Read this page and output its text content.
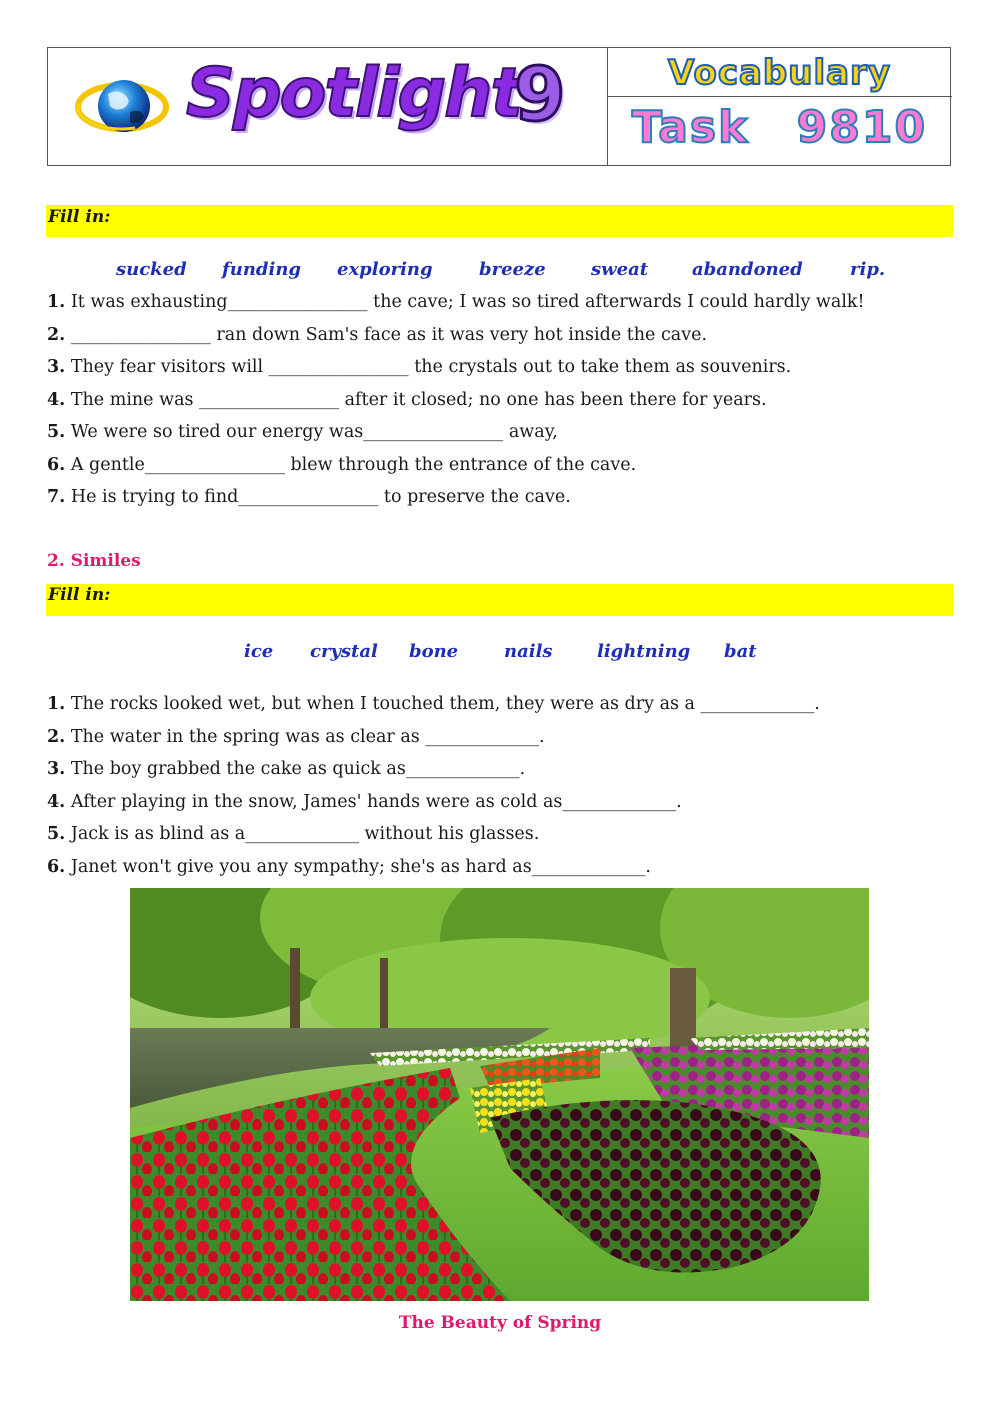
Spotlight
9	Vocabulary
Task 9810
Fill in:
sucked funding exploring	breeze	sweat abandoned	rip.
1. It was exhausting________________ the cave; I was so tired afterwards I could hardly walk!
2. ________________ ran down Sam's face as it was very hot inside the cave.
3. They fear visitors will ________________ the crystals out to take them as souvenirs.
4. The mine was ________________ after it closed; no one has been there for years.
5. We were so tired our energy was________________ away,
6. A gentle________________ blew through the entrance of the cave.
7. He is trying to find________________ to preserve the cave.
2. Similes
Fill in:
ice crystal bone	nails lightning bat
1. The rocks looked wet, but when I touched them, they were as dry as a _____________.
2. The water in the spring was as clear as _____________.
3. The boy grabbed the cake as quick as_____________.
4. After playing in the snow, James' hands were as cold as_____________.
5. Jack is as blind as a_____________ without his glasses.
6. Janet won't give you any sympathy; she's as hard as_____________.
The Beauty of Spring
